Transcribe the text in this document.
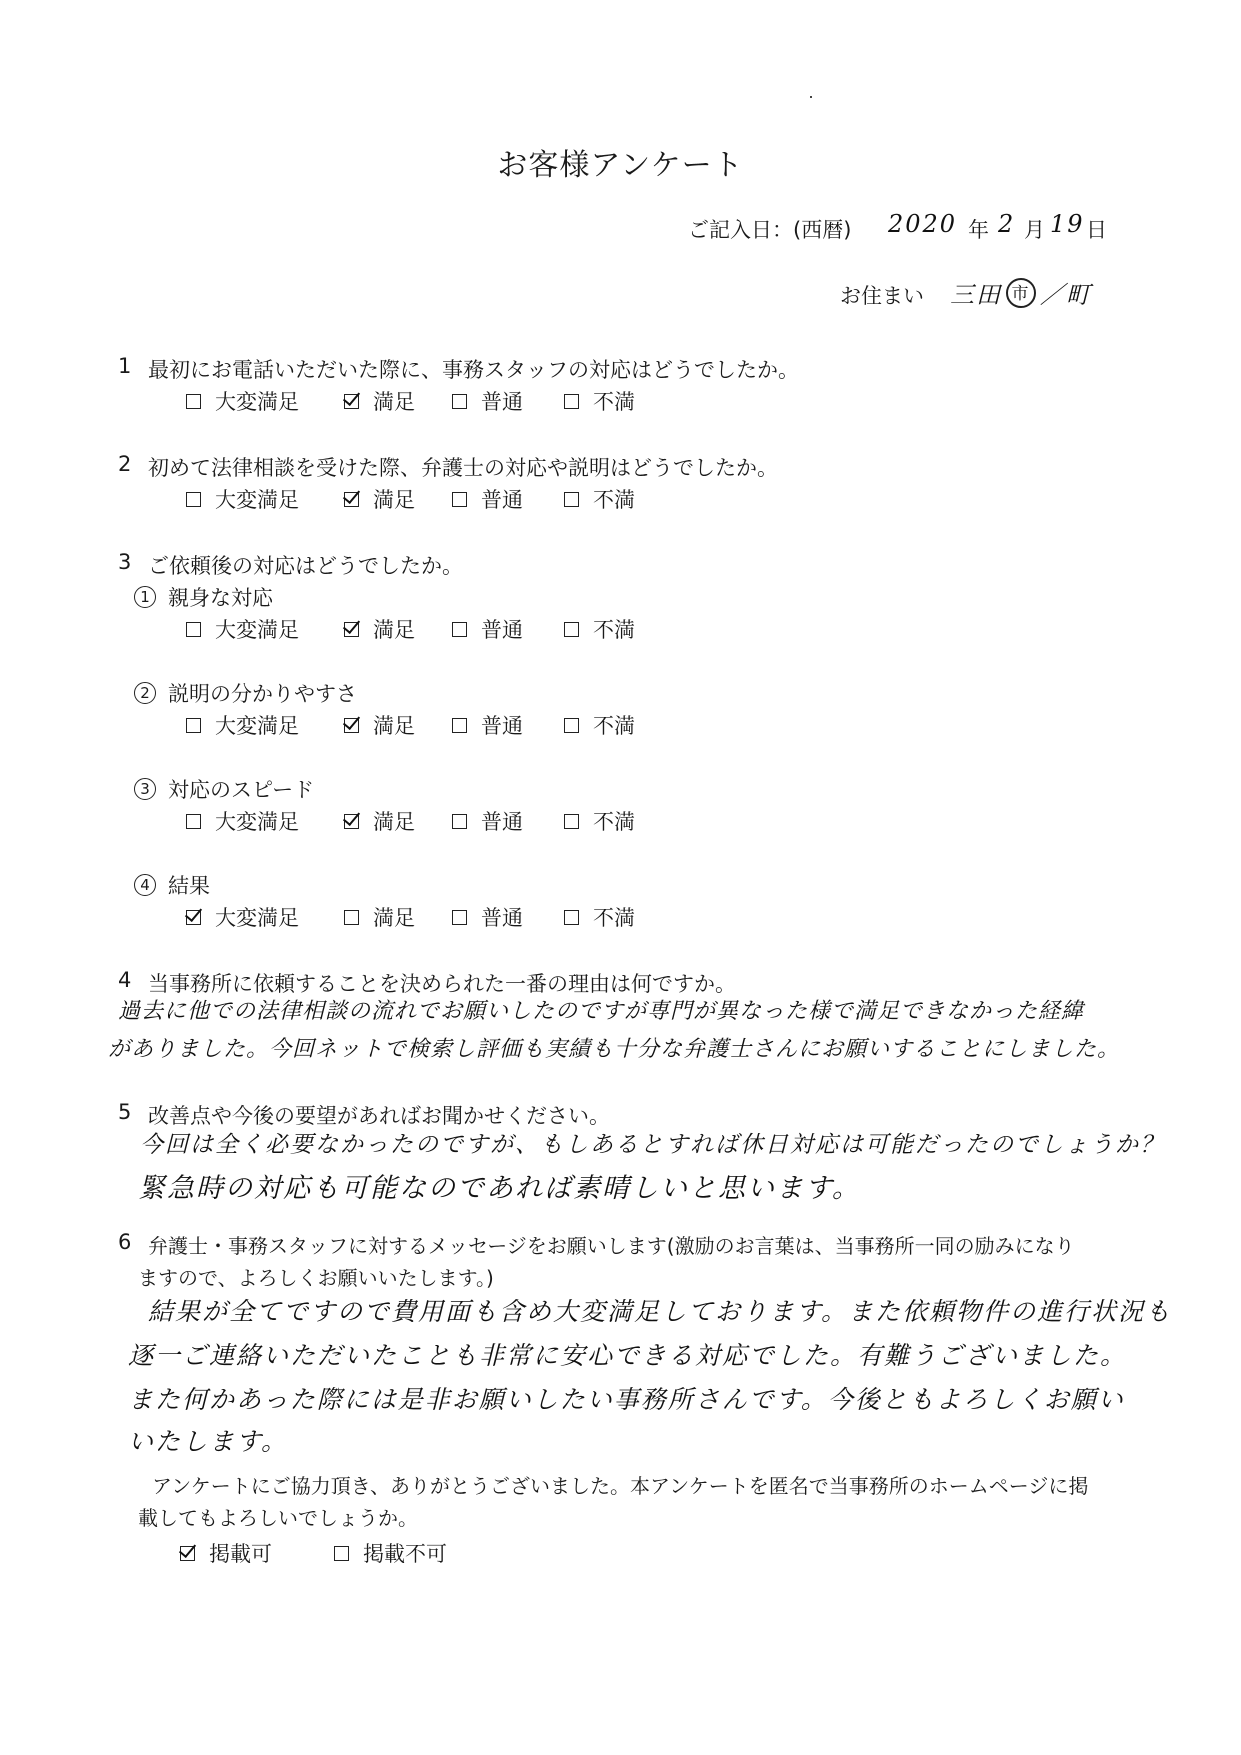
お客様アンケート
ご記入日：(西暦) 2020 年 2 月 19 日
お住まい 三田 市 ／町
1 最初にお電話いただいた際に、事務スタッフの対応はどうでしたか。
大変満足	満足	普通	不満
2 初めて法律相談を受けた際、弁護士の対応や説明はどうでしたか。
大変満足	満足	普通	不満
3 ご依頼後の対応はどうでしたか。
1 親身な対応
大変満足	満足	普通	不満
2 説明の分かりやすさ
大変満足	満足	普通	不満
3 対応のスピード
大変満足	満足	普通	不満
4 結果
大変満足	満足	普通	不満
4 当事務所に依頼することを決められた一番の理由は何ですか。
過去に他での法律相談の流れでお願いしたのですが専門が異なった様で満足できなかった経緯
がありました。今回ネットで検索し評価も実績も十分な弁護士さんにお願いすることにしました。
5 改善点や今後の要望があればお聞かせください。
今回は全く必要なかったのですが、もしあるとすれば休日対応は可能だったのでしょうか？
緊急時の対応も可能なのであれば素晴しいと思います。
6 弁護士・事務スタッフに対するメッセージをお願いします(激励のお言葉は、当事務所一同の励みになり
ますので、よろしくお願いいたします。)
結果が全てですので費用面も含め大変満足しております。また依頼物件の進行状況も
逐一ご連絡いただいたことも非常に安心できる対応でした。有難うございました。
また何かあった際には是非お願いしたい事務所さんです。今後ともよろしくお願い
いたします。
アンケートにご協力頂き、ありがとうございました。本アンケートを匿名で当事務所のホームページに掲
載してもよろしいでしょうか。
掲載可	掲載不可
